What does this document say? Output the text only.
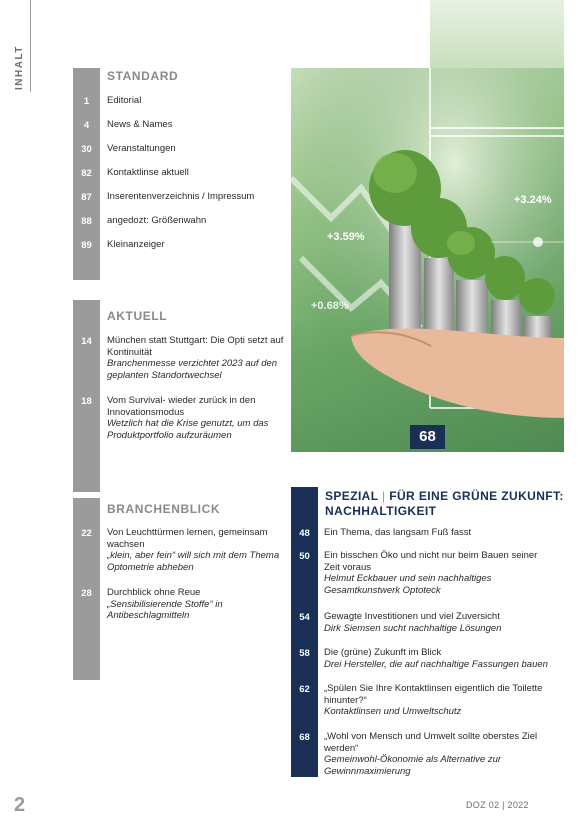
INHALT	STANDARD
1	Editorial
4	News & Names
30	Veranstaltungen
82	Kontaktlinse aktuell
87	Inserentenverzeichnis / Impressum
88	angedozt: Größenwahn
89	Kleinanzeiger
AKTUELL
14	München statt Stuttgart: Die Opti setzt auf Kontinuität
Branchenmesse verzichtet 2023 auf den geplanten Standortwechsel
18	Vom Survival- wieder zurück in den Innovationsmodus
Wetzlich hat die Krise genutzt, um das Produktportfolio aufzuräumen
BRANCHENBLICK
22	Von Leuchttürmen lernen, gemeinsam wachsen
„klein, aber fein“ will sich mit dem Thema Optometrie abheben
28	Durchblick ohne Reue
„Sensibilisierende Stoffe“ in Antibeschlagmitteln
+3.24%
+3.59%
+0.68%
68
SPEZIAL | FÜR EINE GRÜNE ZUKUNFT: NACHHALTIGKEIT
48	Ein Thema, das langsam Fuß fasst
50	Ein bisschen Öko und nicht nur beim Bauen seiner Zeit voraus
Helmut Eckbauer und sein nachhaltiges Gesamtkunstwerk Optoteck
54	Gewagte Investitionen und viel Zuversicht
Dirk Siemsen sucht nachhaltige Lösungen
58	Die (grüne) Zukunft im Blick
Drei Hersteller, die auf nachhaltige Fassungen bauen
62	„Spülen Sie Ihre Kontaktlinsen eigentlich die Toilette hinunter?“
Kontaktlinsen und Umweltschutz
68	„Wohl von Mensch und Umwelt sollte oberstes Ziel werden“
Gemeinwohl-Ökonomie als Alternative zur Gewinnmaximierung
2	DOZ 02 | 2022
